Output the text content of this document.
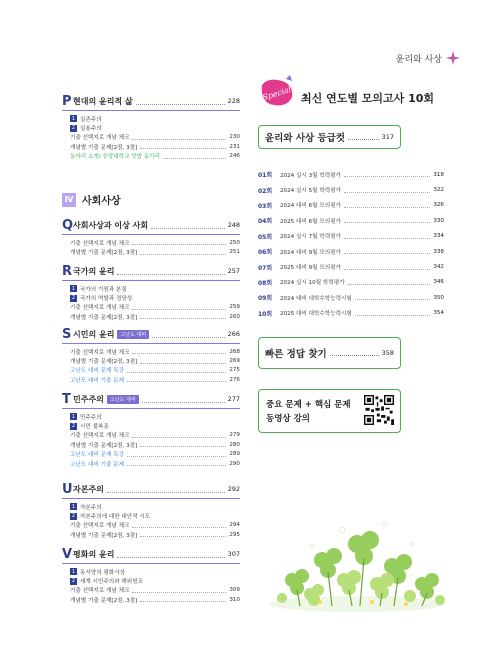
윤리와 사상
P 현대의 윤리적 삶	228
1 실존주의
2 실용주의
기출 선택지로 개념 체크	230
개념별 기출 문제[2점, 3점]	231
동아리 소개/ 중앙대학교 맛밥 동아리	246
Ⅳ 사회사상
Q 사회사상과 이상 사회	248
기출 선택지로 개념 체크	250
개념별 기출 문제[2점, 3점]	251
R 국가의 윤리	257
1 국가의 기원과 본질
2 국가의 역할과 정당성
기출 선택지로 개념 체크	259
개념별 기출 문제[2점, 3점]	260
S 시민의 윤리	고난도 대비	266
기출 선택지로 개념 체크	268
개념별 기출 문제[2점, 3점]	269
고난도 대비 문제 특강	275
고난도 대비 기출 문제	276
T 민주주의	고난도 대비	277
1 민주주의
2 시민 불복종
기출 선택지로 개념 체크	279
개념별 기출 문제[2점, 3점]	280
고난도 대비 문제 특강	289
고난도 대비 기출 문제	290
U 자본주의	292
1 자본주의
2 자본주의에 대한 대안적 시도
기출 선택지로 개념 체크	294
개념별 기출 문제[2점, 3점]	295
V 평화의 윤리	307
1 동서양의 평화사상
2 세계 시민주의와 해외원조
기출 선택지로 개념 체크	309
개념별 기출 문제[2점, 3점]	310
Special 최신 연도별 모의고사 10회
윤리와 사상 등급컷	317
01회	2024 실시 3월 학력평가	318
02회	2024 실시 5월 학력평가	322
03회	2024 대비 6월 모의평가	326
04회	2025 대비 6월 모의평가	330
05회	2024 실시 7월 학력평가	334
06회	2024 대비 9월 모의평가	338
07회	2025 대비 9월 모의평가	342
08회	2024 실시 10월 학력평가	346
09회	2024 대비 대학수학능력시험	350
10회	2025 대비 대학수학능력시험	354
빠른 정답 찾기	358
중요 문제 + 핵심 문제
동영상 강의
